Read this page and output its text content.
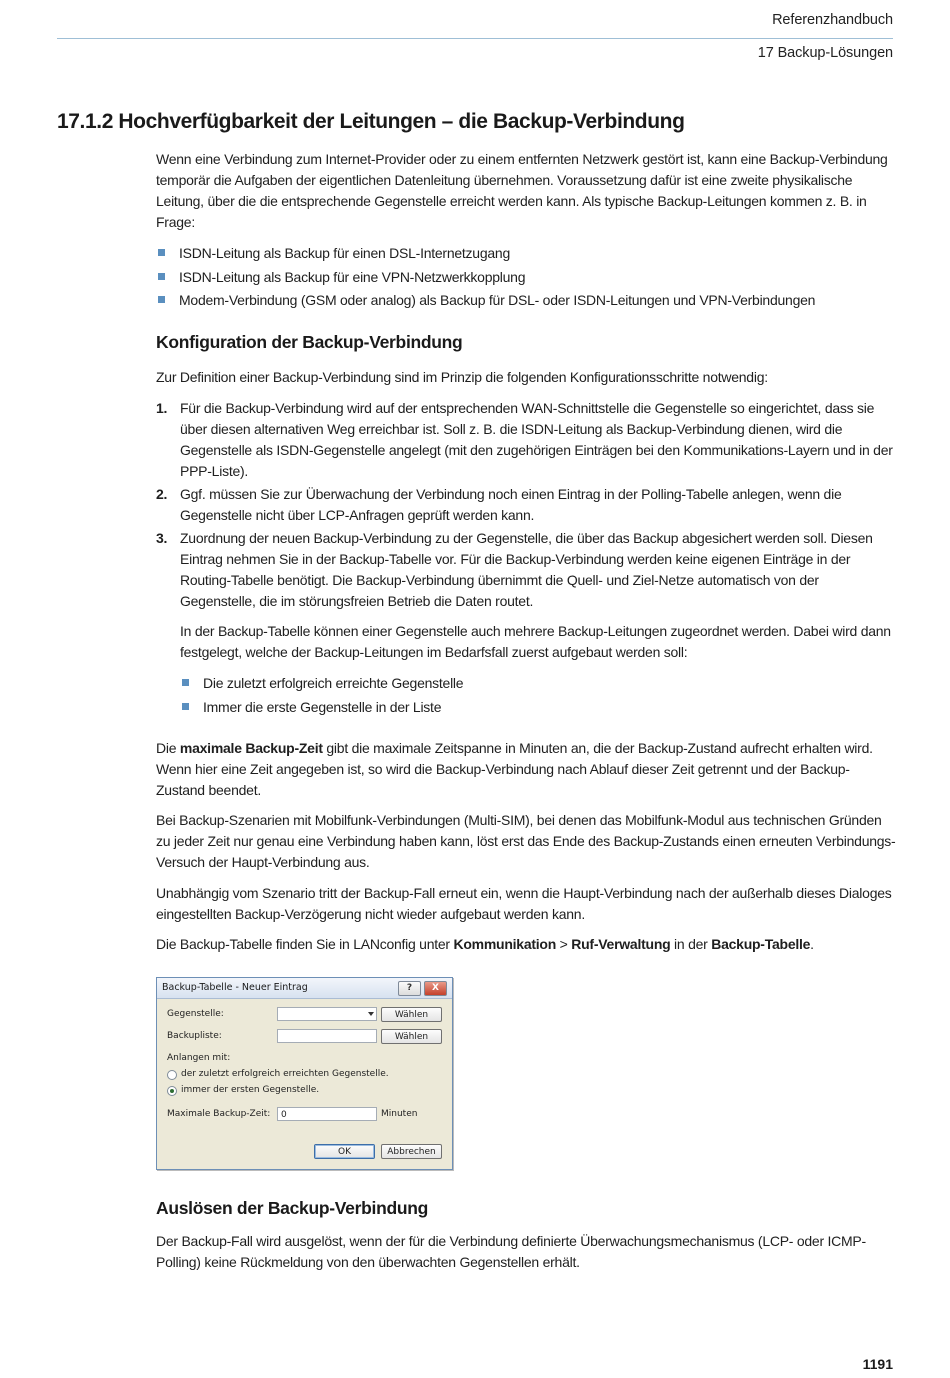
Referenzhandbuch
17 Backup-Lösungen
17.1.2 Hochverfügbarkeit der Leitungen – die Backup-Verbindung

Wenn eine Verbindung zum Internet-Provider oder zu einem entfernten Netzwerk gestört ist, kann eine Backup-Verbindung temporär die Aufgaben der eigentlichen Datenleitung übernehmen. Voraussetzung dafür ist eine zweite physikalische Leitung, über die die entsprechende Gegenstelle erreicht werden kann. Als typische Backup-Leitungen kommen z. B. in Frage:

ISDN-Leitung als Backup für einen DSL-Internetzugang
ISDN-Leitung als Backup für eine VPN-Netzwerkkopplung
Modem-Verbindung (GSM oder analog) als Backup für DSL- oder ISDN-Leitungen und VPN-Verbindungen
Konfiguration der Backup-Verbindung

Zur Definition einer Backup-Verbindung sind im Prinzip die folgenden Konfigurationsschritte notwendig:

1. Für die Backup-Verbindung wird auf der entsprechenden WAN-Schnittstelle die Gegenstelle so eingerichtet, dass sie über diesen alternativen Weg erreichbar ist. Soll z. B. die ISDN-Leitung als Backup-Verbindung dienen, wird die Gegenstelle als ISDN-Gegenstelle angelegt (mit den zugehörigen Einträgen bei den Kommunikations-Layern und in der PPP-Liste).
2. Ggf. müssen Sie zur Überwachung der Verbindung noch einen Eintrag in der Polling-Tabelle anlegen, wenn die Gegenstelle nicht über LCP-Anfragen geprüft werden kann.
3. Zuordnung der neuen Backup-Verbindung zu der Gegenstelle, die über das Backup abgesichert werden soll. Diesen Eintrag nehmen Sie in der Backup-Tabelle vor. Für die Backup-Verbindung werden keine eigenen Einträge in der Routing-Tabelle benötigt. Die Backup-Verbindung übernimmt die Quell- und Ziel-Netze automatisch von der Gegenstelle, die im störungsfreien Betrieb die Daten routet.

In der Backup-Tabelle können einer Gegenstelle auch mehrere Backup-Leitungen zugeordnet werden. Dabei wird dann festgelegt, welche der Backup-Leitungen im Bedarfsfall zuerst aufgebaut werden soll:

Die zuletzt erfolgreich erreichte Gegenstelle
Immer die erste Gegenstelle in der Liste

Die maximale Backup-Zeit gibt die maximale Zeitspanne in Minuten an, die der Backup-Zustand aufrecht erhalten wird. Wenn hier eine Zeit angegeben ist, so wird die Backup-Verbindung nach Ablauf dieser Zeit getrennt und der Backup-Zustand beendet.

Bei Backup-Szenarien mit Mobilfunk-Verbindungen (Multi-SIM), bei denen das Mobilfunk-Modul aus technischen Gründen zu jeder Zeit nur genau eine Verbindung haben kann, löst erst das Ende des Backup-Zustands einen erneuten Verbindungs-Versuch der Haupt-Verbindung aus.

Unabhängig vom Szenario tritt der Backup-Fall erneut ein, wenn die Haupt-Verbindung nach der außerhalb dieses Dialoges eingestellten Backup-Verzögerung nicht wieder aufgebaut werden kann.

Die Backup-Tabelle finden Sie in LANconfig unter Kommunikation > Ruf-Verwaltung in der Backup-Tabelle.

Backup-Tabelle - Neuer Eintrag	?	X
Gegenstelle:	Wählen
Backupliste:	Wählen
Anlangen mit:
der zuletzt erfolgreich erreichten Gegenstelle.
immer der ersten Gegenstelle.
Maximale Backup-Zeit:	0	Minuten
OK	Abbrechen
Auslösen der Backup-Verbindung

Der Backup-Fall wird ausgelöst, wenn der für die Verbindung definierte Überwachungsmechanismus (LCP- oder ICMP-Polling) keine Rückmeldung von den überwachten Gegenstellen erhält.

1191
